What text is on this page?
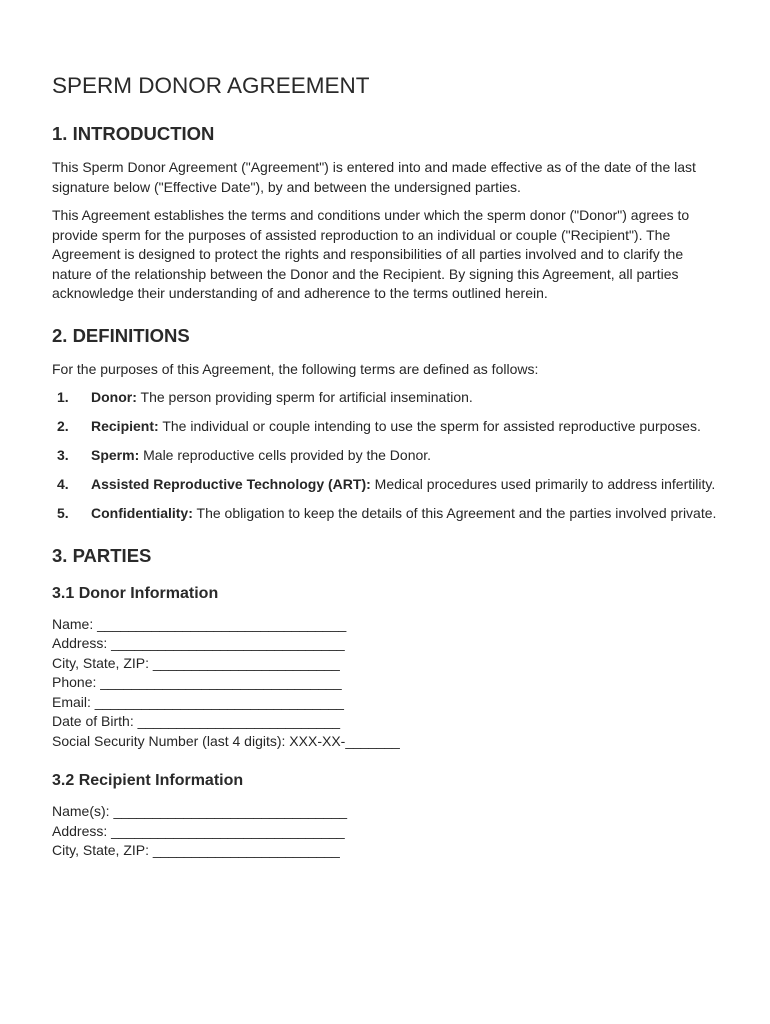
SPERM DONOR AGREEMENT
1. INTRODUCTION

This Sperm Donor Agreement ("Agreement") is entered into and made effective as of the date of the last signature below ("Effective Date"), by and between the undersigned parties.

This Agreement establishes the terms and conditions under which the sperm donor ("Donor") agrees to provide sperm for the purposes of assisted reproduction to an individual or couple ("Recipient"). The Agreement is designed to protect the rights and responsibilities of all parties involved and to clarify the nature of the relationship between the Donor and the Recipient. By signing this Agreement, all parties acknowledge their understanding of and adherence to the terms outlined herein.

2. DEFINITIONS

For the purposes of this Agreement, the following terms are defined as follows:

1. Donor: The person providing sperm for artificial insemination.
2. Recipient: The individual or couple intending to use the sperm for assisted reproductive purposes.
3. Sperm: Male reproductive cells provided by the Donor.
4. Assisted Reproductive Technology (ART): Medical procedures used primarily to address infertility.
5. Confidentiality: The obligation to keep the details of this Agreement and the parties involved private.
3. PARTIES
3.1 Donor Information
Name: ________________________________
Address: ______________________________
City, State, ZIP: ________________________
Phone: _______________________________
Email: ________________________________
Date of Birth: __________________________
Social Security Number (last 4 digits): XXX-XX-_______
3.2 Recipient Information
Name(s): ______________________________
Address: ______________________________
City, State, ZIP: ________________________
